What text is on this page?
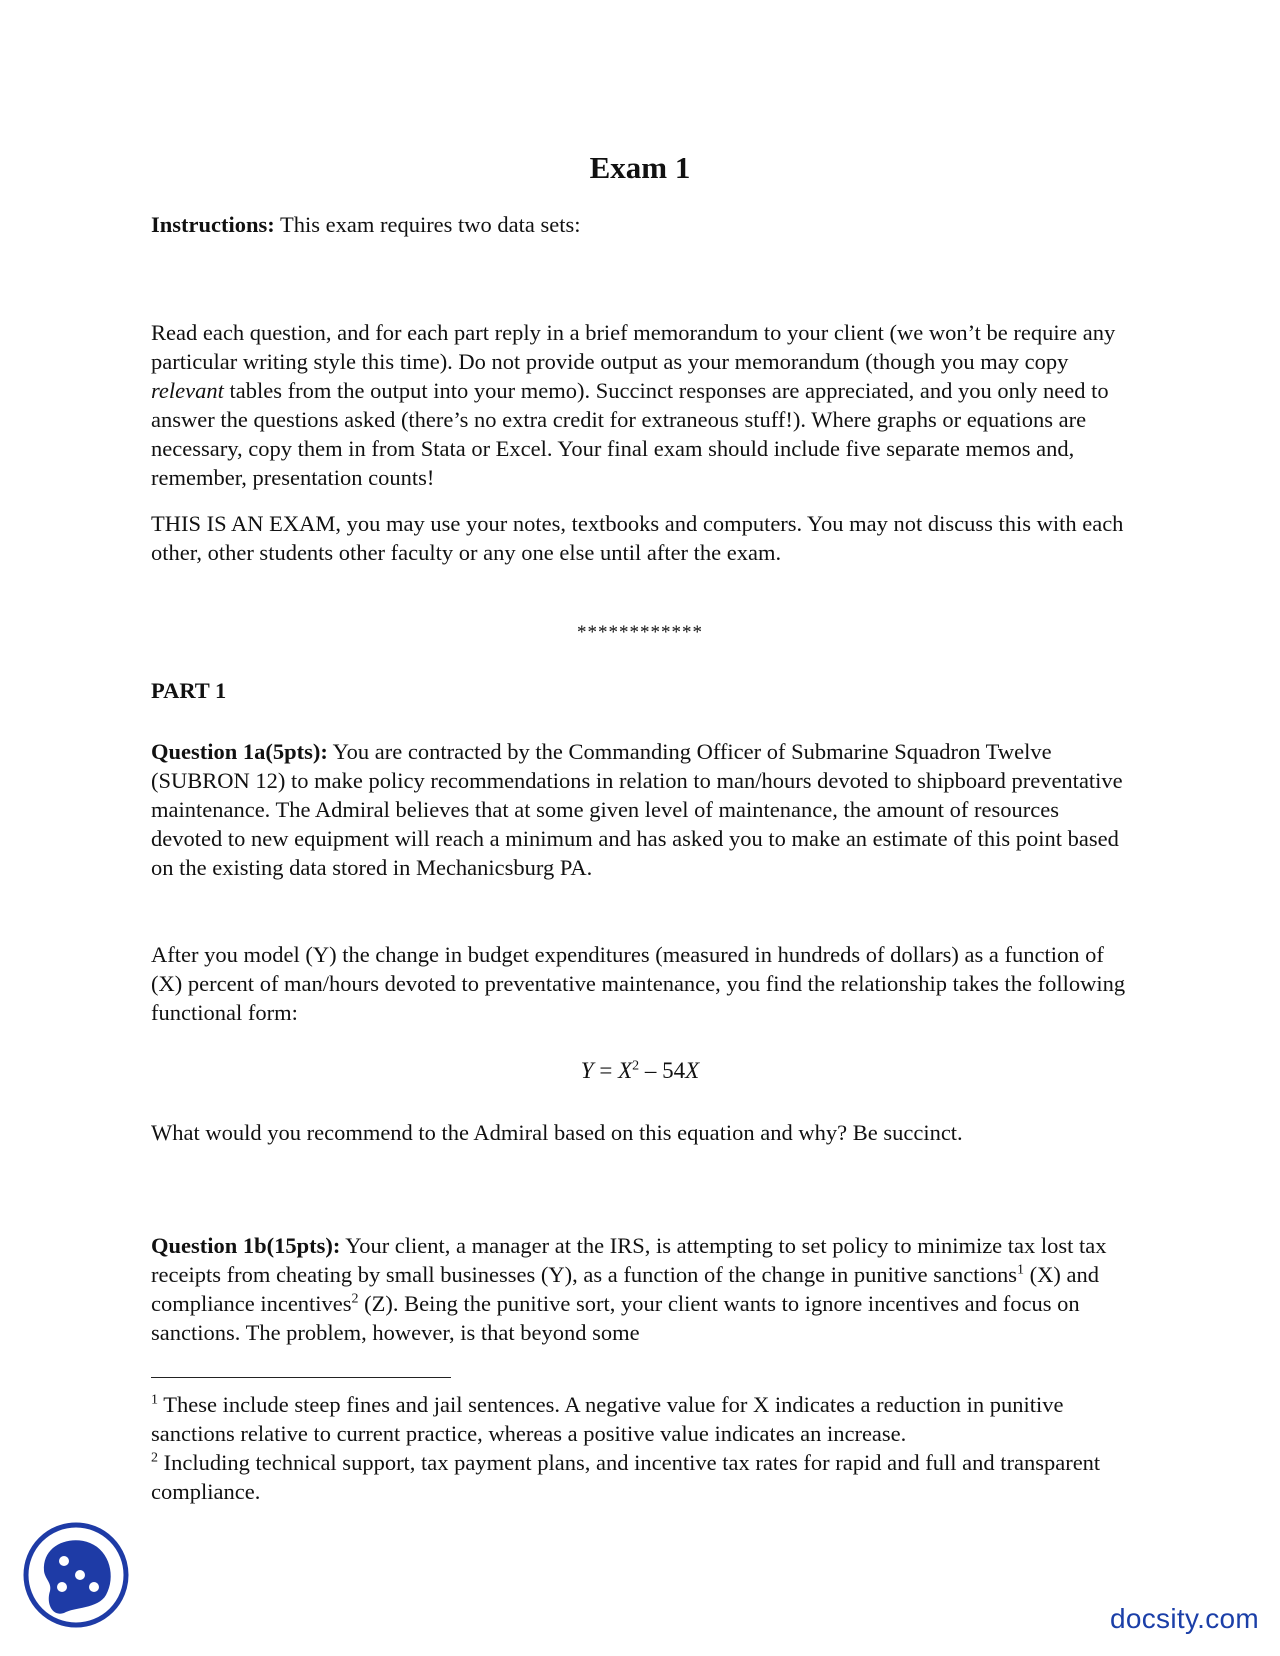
Exam 1

Instructions: This exam requires two data sets:

Read each question, and for each part reply in a brief memorandum to your client (we won’t be require any particular writing style this time). Do not provide output as your memorandum (though you may copy relevant tables from the output into your memo). Succinct responses are appreciated, and you only need to answer the questions asked (there’s no extra credit for extraneous stuff!). Where graphs or equations are necessary, copy them in from Stata or Excel. Your final exam should include five separate memos and, remember, presentation counts!

THIS IS AN EXAM, you may use your notes, textbooks and computers. You may not discuss this with each other, other students other faculty or any one else until after the exam.

************

PART 1

Question 1a(5pts): You are contracted by the Commanding Officer of Submarine Squadron Twelve (SUBRON 12) to make policy recommendations in relation to man/hours devoted to shipboard preventative maintenance. The Admiral believes that at some given level of maintenance, the amount of resources devoted to new equipment will reach a minimum and has asked you to make an estimate of this point based on the existing data stored in Mechanicsburg PA.

After you model (Y) the change in budget expenditures (measured in hundreds of dollars) as a function of (X) percent of man/hours devoted to preventative maintenance, you find the relationship takes the following functional form:

$Y = X^2 - 54X$

What would you recommend to the Admiral based on this equation and why? Be succinct.

Question 1b(15pts): Your client, a manager at the IRS, is attempting to set policy to minimize tax lost tax receipts from cheating by small businesses (Y), as a function of the change in punitive sanctions$^1$ (X) and compliance incentives$^2$ (Z). Being the punitive sort, your client wants to ignore incentives and focus on sanctions. The problem, however, is that beyond some

$^1$ These include steep fines and jail sentences. A negative value for X indicates a reduction in punitive sanctions relative to current practice, whereas a positive value indicates an increase.

$^2$ Including technical support, tax payment plans, and incentive tax rates for rapid and full and transparent compliance.

docsity.com
